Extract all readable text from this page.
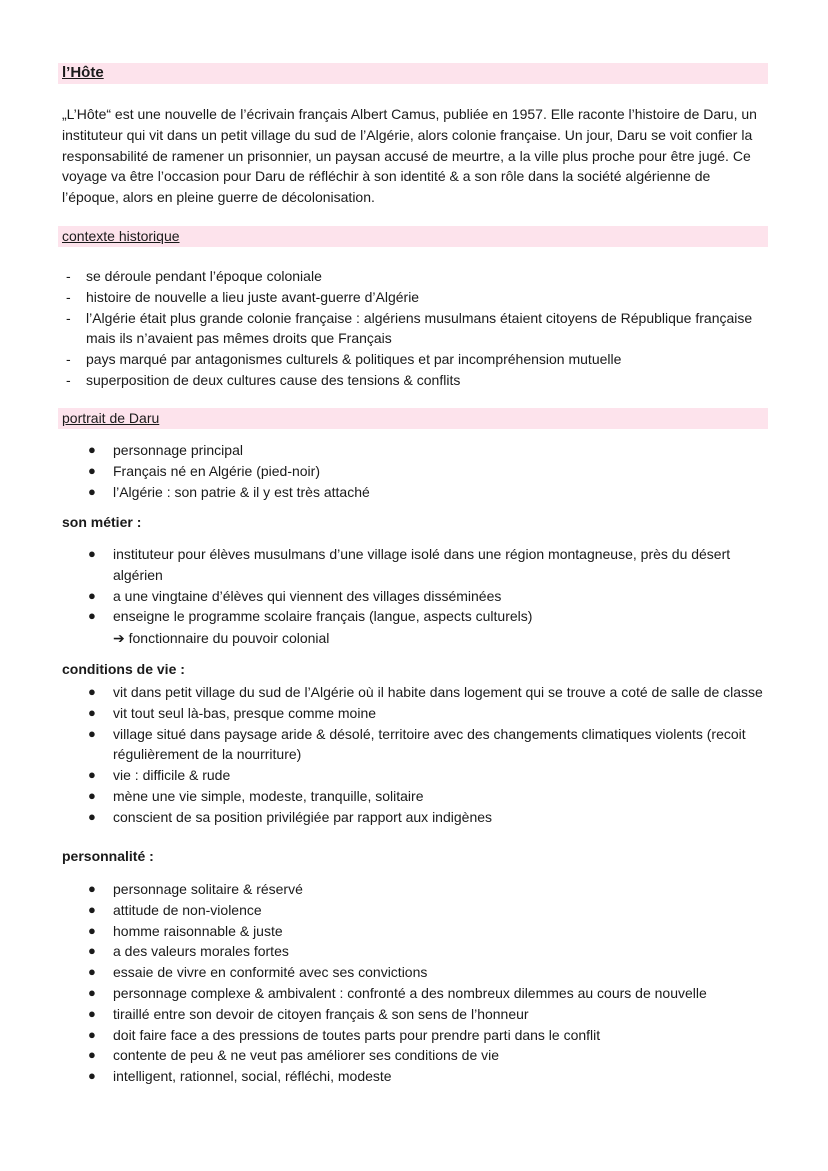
l’Hôte

„L’Hôte“ est une nouvelle de l’écrivain français Albert Camus, publiée en 1957. Elle raconte l’histoire de Daru, un instituteur qui vit dans un petit village du sud de l’Algérie, alors colonie française. Un jour, Daru se voit confier la responsabilité de ramener un prisonnier, un paysan accusé de meurtre, a la ville plus proche pour être jugé. Ce voyage va être l’occasion pour Daru de réfléchir à son identité & a son rôle dans la société algérienne de l’époque, alors en pleine guerre de décolonisation.

contexte historique
- se déroule pendant l’époque coloniale
- histoire de nouvelle a lieu juste avant-guerre d’Algérie
- l’Algérie était plus grande colonie française : algériens musulmans étaient citoyens de République française mais ils n’avaient pas mêmes droits que Français
- pays marqué par antagonismes culturels & politiques et par incompréhension mutuelle
- superposition de deux cultures cause des tensions & conflits
portrait de Daru
● personnage principal
● Français né en Algérie (pied-noir)
● l’Algérie : son patrie & il y est très attaché
son métier :
● instituteur pour élèves musulmans d’une village isolé dans une région montagneuse, près du désert algérien
● a une vingtaine d’élèves qui viennent des villages disséminées
● enseigne le programme scolaire français (langue, aspects culturels)
➔ fonctionnaire du pouvoir colonial
conditions de vie :
● vit dans petit village du sud de l’Algérie où il habite dans logement qui se trouve a coté de salle de classe
● vit tout seul là-bas, presque comme moine
● village situé dans paysage aride & désolé, territoire avec des changements climatiques violents (recoit régulièrement de la nourriture)
● vie : difficile & rude
● mène une vie simple, modeste, tranquille, solitaire
● conscient de sa position privilégiée par rapport aux indigènes
personnalité :
● personnage solitaire & réservé
● attitude de non-violence
● homme raisonnable & juste
● a des valeurs morales fortes
● essaie de vivre en conformité avec ses convictions
● personnage complexe & ambivalent : confronté a des nombreux dilemmes au cours de nouvelle
● tiraillé entre son devoir de citoyen français & son sens de l’honneur
● doit faire face a des pressions de toutes parts pour prendre parti dans le conflit
● contente de peu & ne veut pas améliorer ses conditions de vie
● intelligent, rationnel, social, réfléchi, modeste
